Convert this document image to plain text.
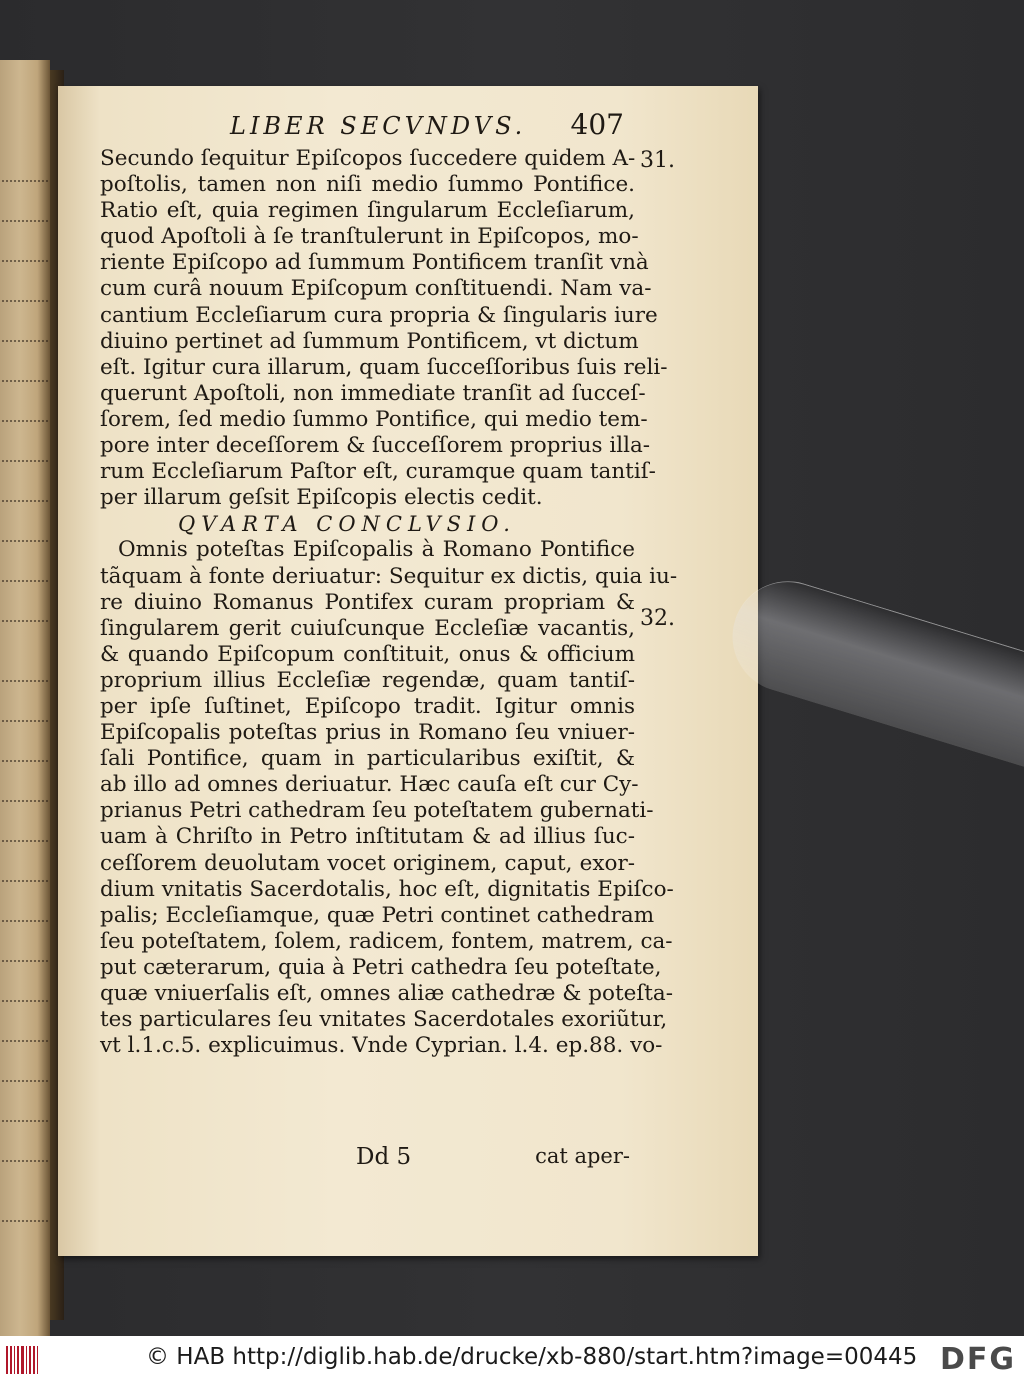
LIBER SECVNDVS. 407
Secundo ſequitur Epiſcopos ſuccedere quidem A-
poſtolis, tamen non niſi medio ſummo Pontifice.
Ratio eſt, quia regimen ſingularum Eccleſiarum,
quod Apoſtoli à ſe tranſtulerunt in Epiſcopos, mo-
riente Epiſcopo ad ſummum Pontificem tranſit vnà
cum curâ nouum Epiſcopum conſtituendi. Nam va-
cantium Eccleſiarum cura propria & ſingularis iure
diuino pertinet ad ſummum Pontificem, vt dictum
eſt. Igitur cura illarum, quam ſucceſſoribus ſuis reli-
querunt Apoſtoli, non immediate tranſit ad ſucceſ-
ſorem, ſed medio ſummo Pontifice, qui medio tem-
pore inter deceſſorem & ſucceſſorem proprius illa-
rum Eccleſiarum Paſtor eſt, curamque quam tantiſ-
per illarum geſsit Epiſcopis electis cedit.
QVARTA CONCLVSIO.
Omnis poteſtas Epiſcopalis à Romano Pontifice
tãquam à fonte deriuatur: Sequitur ex dictis, quia iu-
re diuino Romanus Pontifex curam propriam &
ſingularem gerit cuiuſcunque Eccleſiæ vacantis,
& quando Epiſcopum conſtituit, onus & officium
proprium illius Eccleſiæ regendæ, quam tantiſ-
per ipſe ſuſtinet, Epiſcopo tradit. Igitur omnis
Epiſcopalis poteſtas prius in Romano ſeu vniuer-
ſali Pontifice, quam in particularibus exiſtit, &
ab illo ad omnes deriuatur. Hæc cauſa eſt cur Cy-
prianus Petri cathedram ſeu poteſtatem gubernati-
uam à Chriſto in Petro inſtitutam & ad illius ſuc-
ceſſorem deuolutam vocet originem, caput, exor-
dium vnitatis Sacerdotalis, hoc eſt, dignitatis Epiſco-
palis; Eccleſiamque, quæ Petri continet cathedram
ſeu poteſtatem, ſolem, radicem, fontem, matrem, ca-
put cæterarum, quia à Petri cathedra ſeu poteſtate,
quæ vniuerſalis eſt, omnes aliæ cathedræ & poteſta-
tes particulares ſeu vnitates Sacerdotales exoriũtur,
vt l.1.c.5. explicuimus. Vnde Cyprian. l.4. ep.88. vo-
31.
32.
Dd 5	cat aper-
© HAB http://diglib.hab.de/drucke/xb-880/start.htm?image=00445 DFG
